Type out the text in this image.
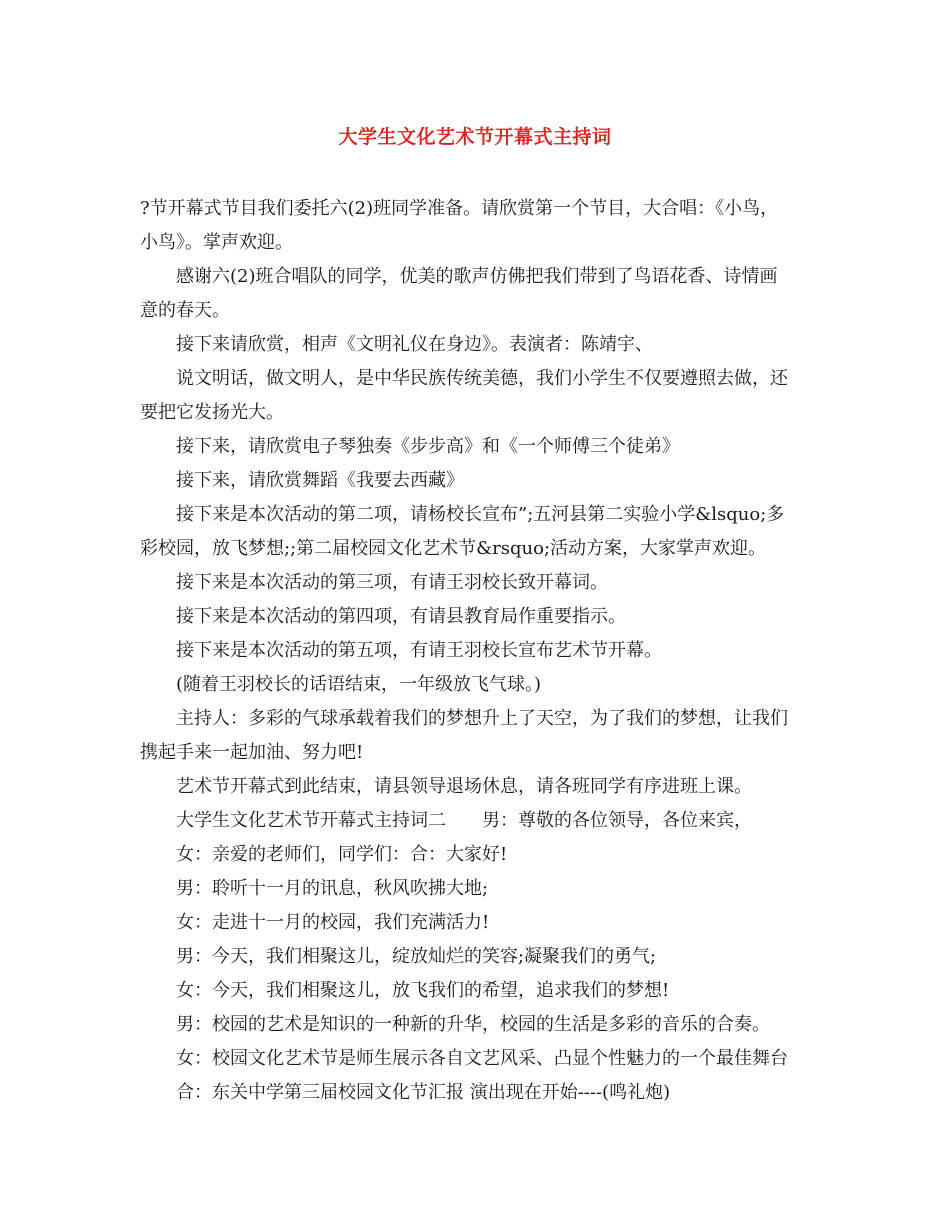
大学生文化艺术节开幕式主持词
?节开幕式节目我们委托六(2)班同学准备。请欣赏第一个节目，大合唱：《小鸟，
小鸟》。掌声欢迎。
感谢六(2)班合唱队的同学，优美的歌声仿佛把我们带到了鸟语花香、诗情画
意的春天。
接下来请欣赏，相声《文明礼仪在身边》。表演者：陈靖宇、
说文明话，做文明人，是中华民族传统美德，我们小学生不仅要遵照去做，还
要把它发扬光大。
接下来，请欣赏电子琴独奏《步步高》和《一个师傅三个徒弟》
接下来，请欣赏舞蹈《我要去西藏》
接下来是本次活动的第二项，请杨校长宣布”;五河县第二实验小学&lsquo;多
彩校园，放飞梦想;;第二届校园文化艺术节&rsquo;活动方案，大家掌声欢迎。
接下来是本次活动的第三项，有请王羽校长致开幕词。
接下来是本次活动的第四项，有请县教育局作重要指示。
接下来是本次活动的第五项，有请王羽校长宣布艺术节开幕。
(随着王羽校长的话语结束，一年级放飞气球。)
主持人：多彩的气球承载着我们的梦想升上了天空，为了我们的梦想，让我们
携起手来一起加油、努力吧!
艺术节开幕式到此结束，请县领导退场休息，请各班同学有序进班上课。
大学生文化艺术节开幕式主持词二　　男：尊敬的各位领导，各位来宾，
女：亲爱的老师们，同学们：合：大家好!
男：聆听十一月的讯息，秋风吹拂大地;
女：走进十一月的校园，我们充满活力!
男：今天，我们相聚这儿，绽放灿烂的笑容;凝聚我们的勇气;
女：今天，我们相聚这儿，放飞我们的希望，追求我们的梦想!
男：校园的艺术是知识的一种新的升华，校园的生活是多彩的音乐的合奏。
女：校园文化艺术节是师生展示各自文艺风采、凸显个性魅力的一个最佳舞台
合：东关中学第三届校园文化节汇报 演出现在开始----(鸣礼炮)
